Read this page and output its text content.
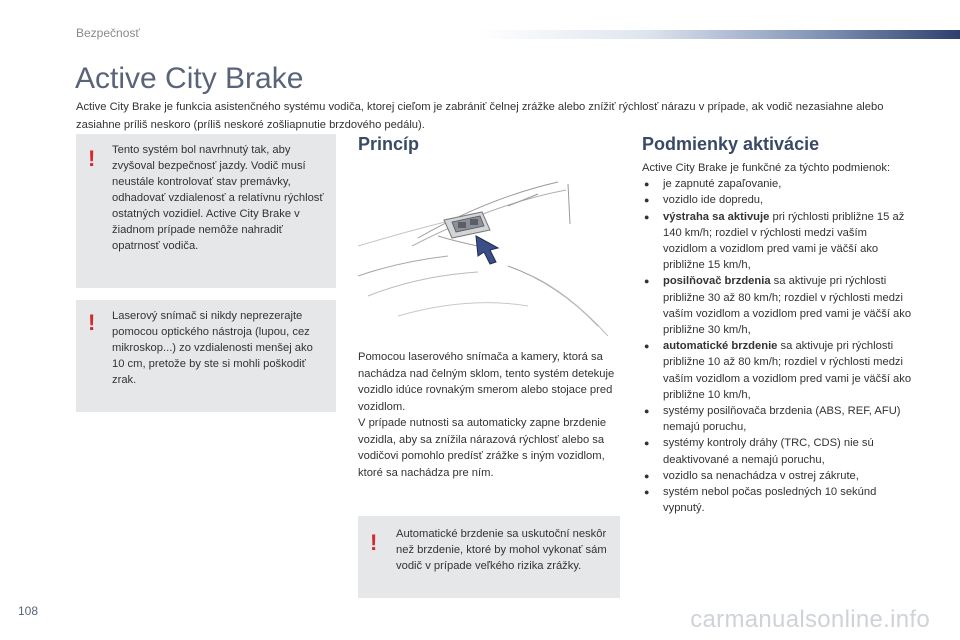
Bezpečnosť
Active City Brake
Active City Brake je funkcia asistenčného systému vodiča, ktorej cieľom je zabrániť čelnej zrážke alebo znížiť rýchlosť nárazu v prípade, ak vodič nezasiahne alebo zasiahne príliš neskoro (príliš neskoré zošliapnutie brzdového pedálu).
! Tento systém bol navrhnutý tak, aby zvyšoval bezpečnosť jazdy. Vodič musí neustále kontrolovať stav premávky, odhadovať vzdialenosť a relatívnu rýchlosť ostatných vozidiel. Active City Brake v žiadnom prípade nemôže nahradiť opatrnosť vodiča.
! Laserový snímač si nikdy neprezerajte pomocou optického nástroja (lupou, cez mikroskop...) zo vzdialenosti menšej ako 10 cm, pretože by ste si mohli poškodiť zrak.
Princíp

Pomocou laserového snímača a kamery, ktorá sa nachádza nad čelným sklom, tento systém detekuje vozidlo idúce rovnakým smerom alebo stojace pred vozidlom.

V prípade nutnosti sa automaticky zapne brzdenie vozidla, aby sa znížila nárazová rýchlosť alebo sa vodičovi pomohlo predísť zrážke s iným vozidlom, ktoré sa nachádza pre ním.

! Automatické brzdenie sa uskutoční neskôr než brzdenie, ktoré by mohol vykonať sám vodič v prípade veľkého rizika zrážky.
Podmienky aktivácie

Active City Brake je funkčné za týchto podmienok:

● je zapnuté zapaľovanie,
● vozidlo ide dopredu,
● výstraha sa aktivuje pri rýchlosti približne 15 až 140 km/h; rozdiel v rýchlosti medzi vaším vozidlom a vozidlom pred vami je väčší ako približne 15 km/h,
● posilňovač brzdenia sa aktivuje pri rýchlosti približne 30 až 80 km/h; rozdiel v rýchlosti medzi vaším vozidlom a vozidlom pred vami je väčší ako približne 30 km/h,
● automatické brzdenie sa aktivuje pri rýchlosti približne 10 až 80 km/h; rozdiel v rýchlosti medzi vaším vozidlom a vozidlom pred vami je väčší ako približne 10 km/h,
● systémy posilňovača brzdenia (ABS, REF, AFU) nemajú poruchu,
● systémy kontroly dráhy (TRC, CDS) nie sú deaktivované a nemajú poruchu,
● vozidlo sa nenachádza v ostrej zákrute,
● systém nebol počas posledných 10 sekúnd vypnutý.
108	carmanualsonline.info
